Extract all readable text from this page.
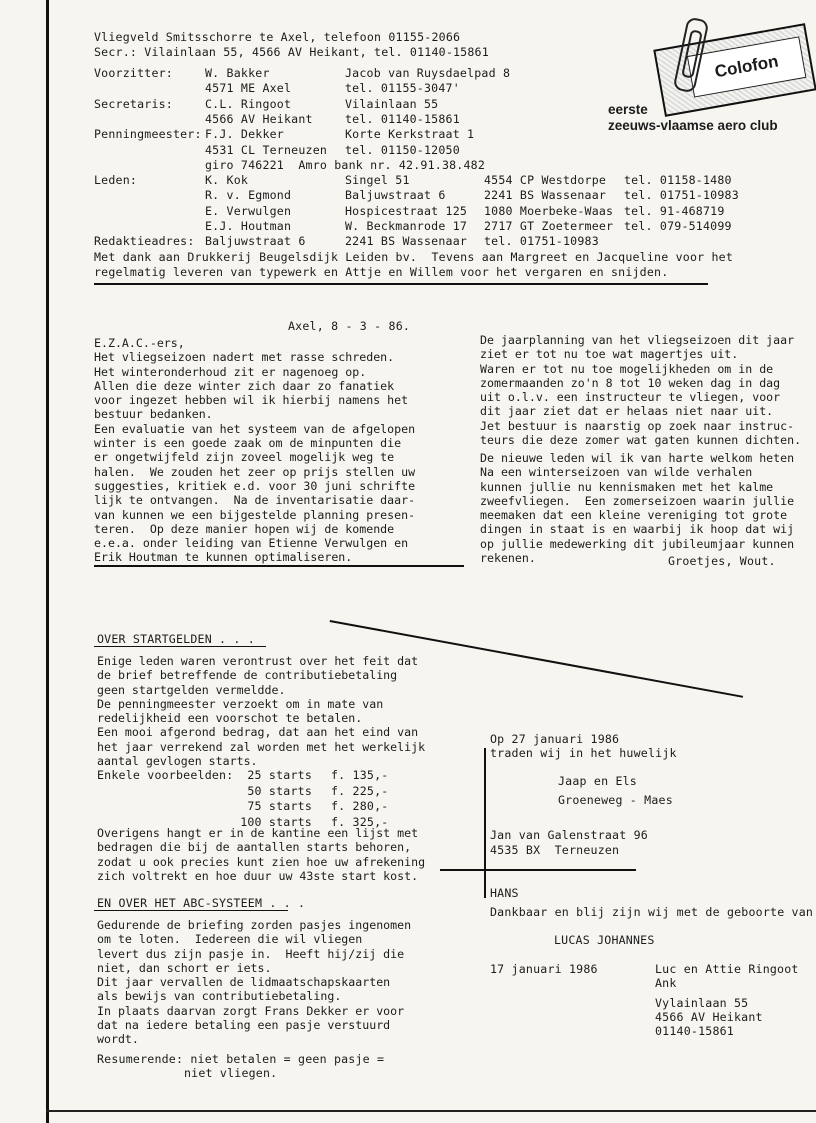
Vliegveld Smitsschorre te Axel, telefoon 01155-2066
Secr.: Vilainlaan 55, 4566 AV Heikant, tel. 01140-15861	Colofon
eerste
zeeuws-vlaamse aero club
Voorzitter:	W. Bakker	Jacob van Ruysdaelpad 8
4571 ME Axel	tel. 01155-3047'
Secretaris:	C.L. Ringoot	Vilainlaan 55
4566 AV Heikant	tel. 01140-15861
Penningmeester: F.J. Dekker	Korte Kerkstraat 1
4531 CL Terneuzen tel. 01150-12050
giro 746221  Amro bank nr. 42.91.38.482
Leden:	K. Kok	Singel 51	4554 CP Westdorpe tel. 01158-1480
R. v. Egmond	Baljuwstraat 6	2241 BS Wassenaar tel. 01751-10983
E. Verwulgen	Hospicestraat 125 1080 Moerbeke-Waas tel. 91-468719
E.J. Houtman	W. Beckmanrode 17 2717 GT Zoetermeer tel. 079-514099
Redaktieadres: Baljuwstraat 6	2241 BS Wassenaar tel. 01751-10983
Met dank aan Drukkerij Beugelsdijk Leiden bv.  Tevens aan Margreet en Jacqueline voor het
regelmatig leveren van typewerk en Attje en Willem voor het vergaren en snijden.
Axel, 8 - 3 - 86.
E.Z.A.C.-ers,
Het vliegseizoen nadert met rasse schreden.
Het winteronderhoud zit er nagenoeg op.
Allen die deze winter zich daar zo fanatiek
voor ingezet hebben wil ik hierbij namens het
bestuur bedanken.
Een evaluatie van het systeem van de afgelopen
winter is een goede zaak om de minpunten die
er ongetwijfeld zijn zoveel mogelijk weg te
halen.  We zouden het zeer op prijs stellen uw
suggesties, kritiek e.d. voor 30 juni schrifte
lijk te ontvangen.  Na de inventarisatie daar-
van kunnen we een bijgestelde planning presen-
teren.  Op deze manier hopen wij de komende
e.e.a. onder leiding van Etienne Verwulgen en
Erik Houtman te kunnen optimaliseren.
De jaarplanning van het vliegseizoen dit jaar
ziet er tot nu toe wat magertjes uit.
Waren er tot nu toe mogelijkheden om in de
zomermaanden zo'n 8 tot 10 weken dag in dag
uit o.l.v. een instructeur te vliegen, voor
dit jaar ziet dat er helaas niet naar uit.
Jet bestuur is naarstig op zoek naar instruc-
teurs die deze zomer wat gaten kunnen dichten.
De nieuwe leden wil ik van harte welkom heten
Na een winterseizoen van wilde verhalen
kunnen jullie nu kennismaken met het kalme
zweefvliegen.  Een zomerseizoen waarin jullie
meemaken dat een kleine vereniging tot grote
dingen in staat is en waarbij ik hoop dat wij
op jullie medewerking dit jubileumjaar kunnen
rekenen.	Groetjes, Wout.
OVER STARTGELDEN . . .
Enige leden waren verontrust over het feit dat
de brief betreffende de contributiebetaling
geen startgelden vermeldde.
De penningmeester verzoekt om in mate van
redelijkheid een voorschot te betalen.
Een mooi afgerond bedrag, dat aan het eind van
het jaar verrekend zal worden met het werkelijk
aantal gevlogen starts.
Enkele voorbeelden: 25 starts f. 135,-
50 starts f. 225,-
75 starts f. 280,-
100 starts f. 325,-
Overigens hangt er in de kantine een lijst met
bedragen die bij de aantallen starts behoren,
zodat u ook precies kunt zien hoe uw afrekening
zich voltrekt en hoe duur uw 43ste start kost.
EN OVER HET ABC-SYSTEEM . . .
Gedurende de briefing zorden pasjes ingenomen
om te loten.  Iedereen die wil vliegen
levert dus zijn pasje in.  Heeft hij/zij die
niet, dan schort er iets.
Dit jaar vervallen de lidmaatschapskaarten
als bewijs van contributiebetaling.
In plaats daarvan zorgt Frans Dekker er voor
dat na iedere betaling een pasje verstuurd
wordt.
Resumerende: niet betalen = geen pasje =
niet vliegen.
Op 27 januari 1986
traden wij in het huwelijk
Jaap en Els
Groeneweg - Maes
Jan van Galenstraat 96
4535 BX  Terneuzen
HANS
Dankbaar en blij zijn wij met de geboorte van
LUCAS JOHANNES
17 januari 1986	Luc en Attie Ringoot
Ank
Vylainlaan 55
4566 AV Heikant
01140-15861
